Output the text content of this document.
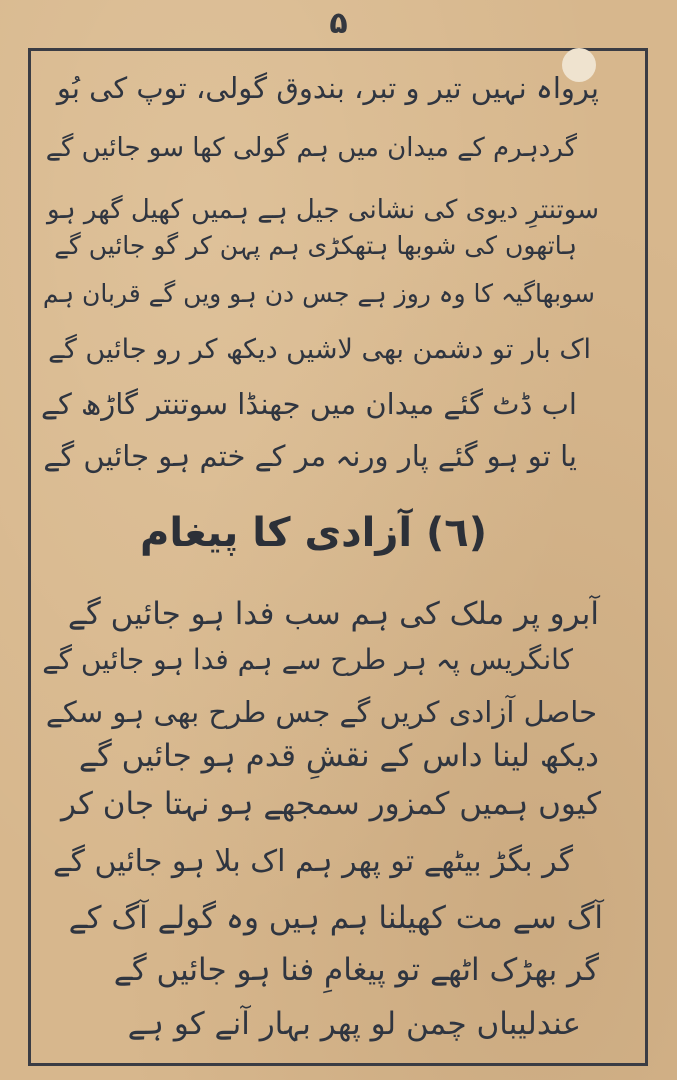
۵
پرواہ نہیں تیر و تبر، بندوق گولی، توپ کی بُو
گردہرم کے میدان میں ہم گولی کھا سو جائیں گے
سوتنترِ دیوی کی نشانی جیل ہے ہمیں کھیل گھر ہو
ہاتھوں کی شوبھا ہتھکڑی ہم پہن کر گو جائیں گے
سوبھاگیہ کا وہ روز ہے جس دن ہو ویں گے قربان ہم
اک بار تو دشمن بھی لاشیں دیکھ کر رو جائیں گے
اب ڈٹ گئے میدان میں جھنڈا سوتنتر گاڑھ کے
یا تو ہو گئے پار ورنہ مر کے ختم ہو جائیں گے
(٦) آزادی کا پیغام
آبرو پر ملک کی ہم سب فدا ہو جائیں گے
کانگریس پہ ہر طرح سے ہم فدا ہو جائیں گے
حاصل آزادی کریں گے جس طرح بھی ہو سکے
دیکھ لینا داس کے نقشِ قدم ہو جائیں گے
کیوں ہمیں کمزور سمجھے ہو نہتا جان کر
گر بگڑ بیٹھے تو پھر ہم اک بلا ہو جائیں گے
آگ سے مت کھیلنا ہم ہیں وہ گولے آگ کے
گر بھڑک اٹھے تو پیغامِ فنا ہو جائیں گے
عندلیباں چمن لو پھر بہار آنے کو ہے
